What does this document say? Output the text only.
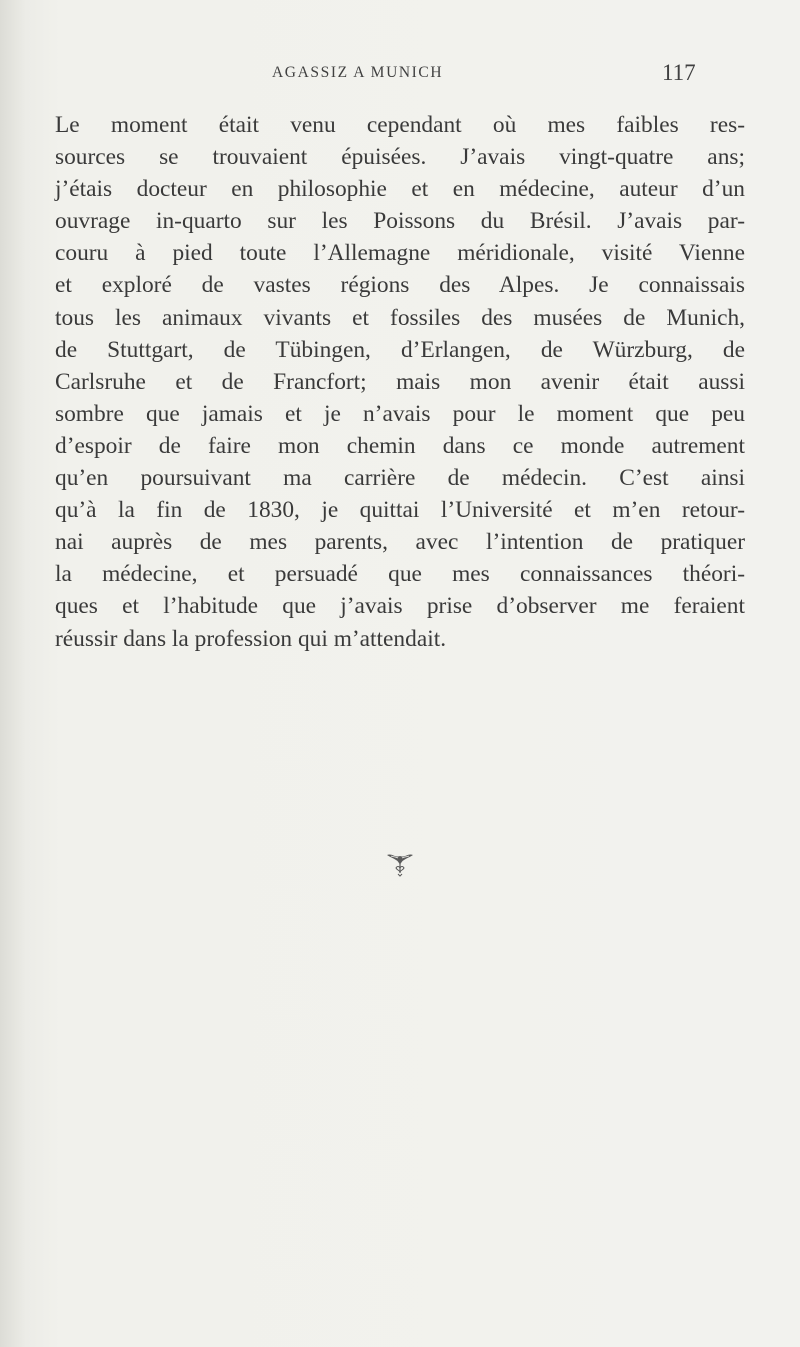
AGASSIZ A MUNICH	117
Le moment était venu cependant où mes faibles res-
sources se trouvaient épuisées. J’avais vingt-quatre ans;
j’étais docteur en philosophie et en médecine, auteur d’un
ouvrage in-quarto sur les Poissons du Brésil. J’avais par-
couru à pied toute l’Allemagne méridionale, visité Vienne
et exploré de vastes régions des Alpes. Je connaissais
tous les animaux vivants et fossiles des musées de Munich,
de Stuttgart, de Tübingen, d’Erlangen, de Würzburg, de
Carlsruhe et de Francfort; mais mon avenir était aussi
sombre que jamais et je n’avais pour le moment que peu
d’espoir de faire mon chemin dans ce monde autrement
qu’en poursuivant ma carrière de médecin. C’est ainsi
qu’à la fin de 1830, je quittai l’Université et m’en retour-
nai auprès de mes parents, avec l’intention de pratiquer
la médecine, et persuadé que mes connaissances théori-
ques et l’habitude que j’avais prise d’observer me feraient
réussir dans la profession qui m’attendait.
